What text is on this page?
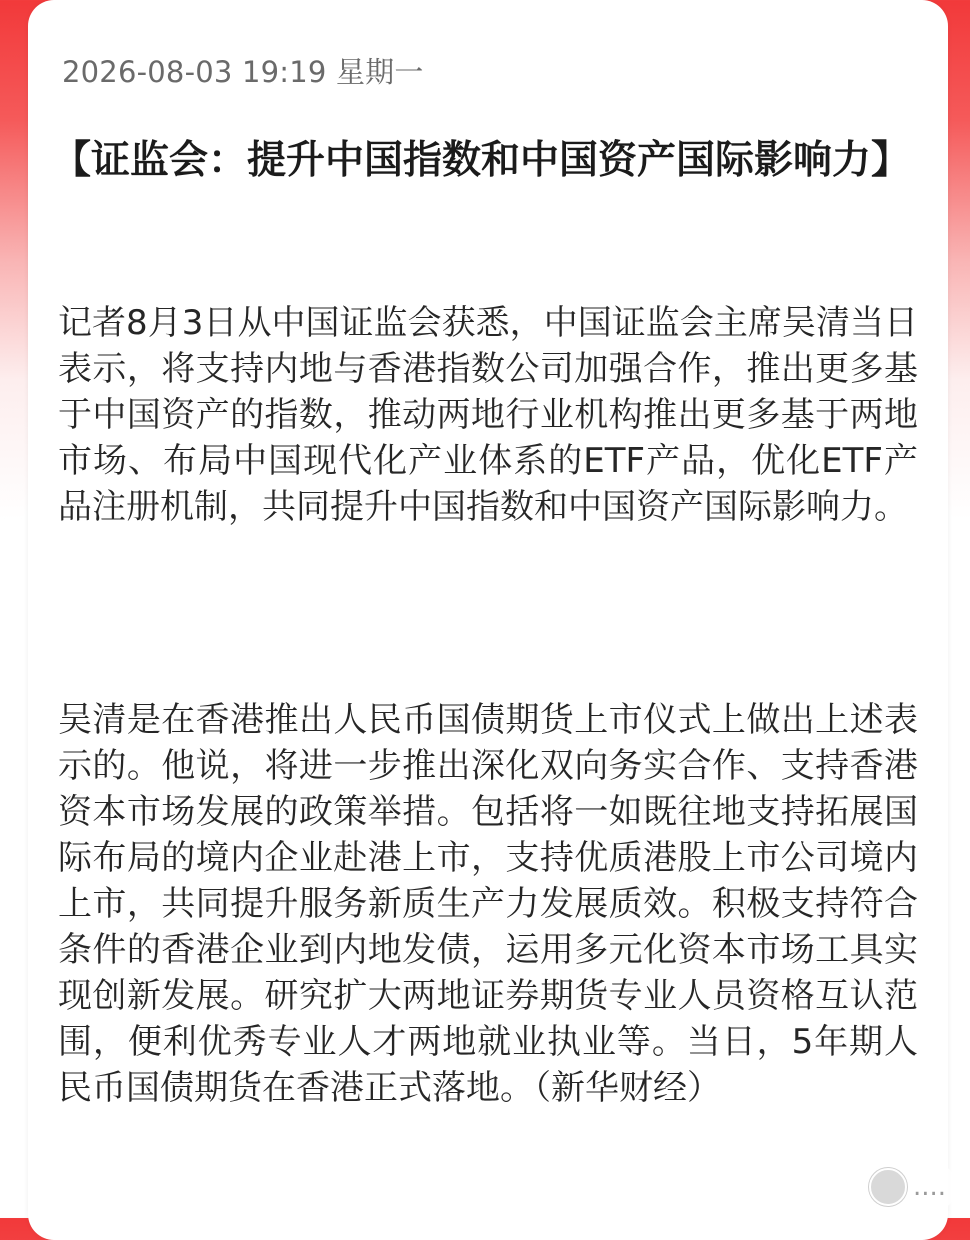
2026-08-03 19:19 星期一
【证监会：提升中国指数和中国资产国际影响力】
记者8月3日从中国证监会获悉，中国证监会主席吴清当日表示，将支持内地与香港指数公司加强合作，推出更多基于中国资产的指数，推动两地行业机构推出更多基于两地市场、布局中国现代化产业体系的ETF产品，优化ETF产品注册机制，共同提升中国指数和中国资产国际影响力。
吴清是在香港推出人民币国债期货上市仪式上做出上述表示的。他说，将进一步推出深化双向务实合作、支持香港资本市场发展的政策举措。包括将一如既往地支持拓展国际布局的境内企业赴港上市，支持优质港股上市公司境内上市，共同提升服务新质生产力发展质效。积极支持符合条件的香港企业到内地发债，运用多元化资本市场工具实现创新发展。研究扩大两地证券期货专业人员资格互认范围，便利优秀专业人才两地就业执业等。当日，5年期人民币国债期货在香港正式落地。（新华财经）
....
